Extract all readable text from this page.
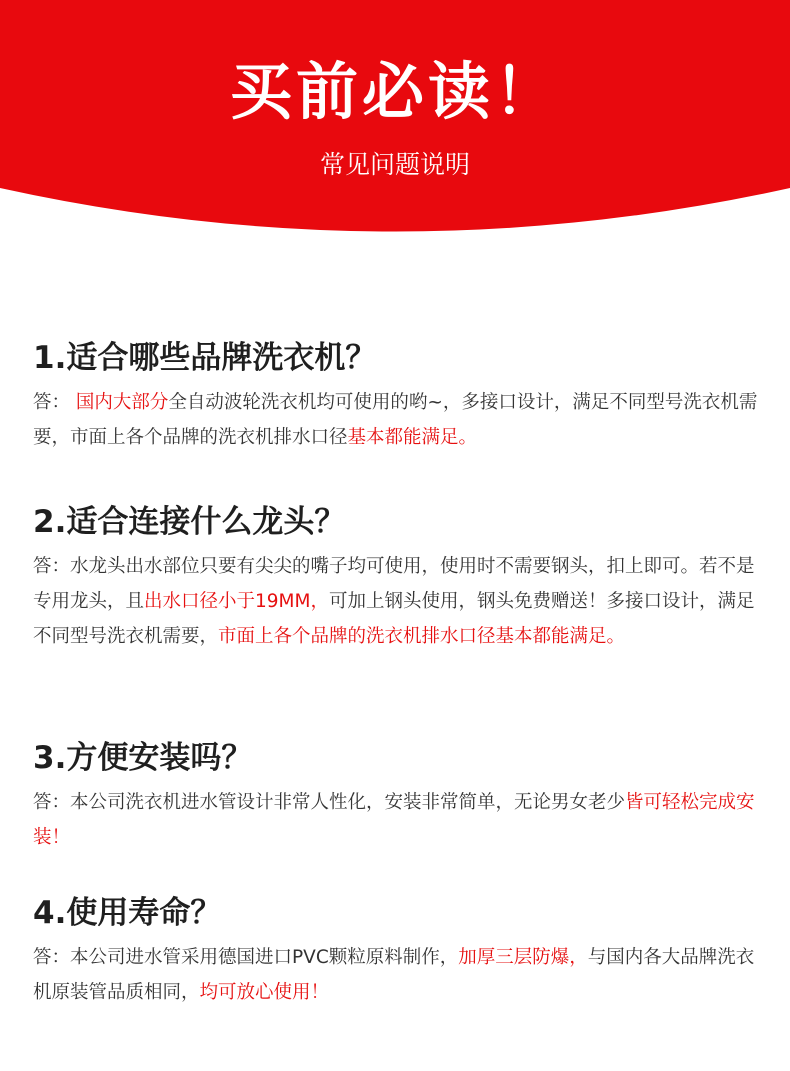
买前必读！
常见问题说明
1.适合哪些品牌洗衣机？
答： 国内大部分全自动波轮洗衣机均可使用的哟~，多接口设计，满足不同型号洗衣机需要，市面上各个品牌的洗衣机排水口径基本都能满足。
2.适合连接什么龙头？
答：水龙头出水部位只要有尖尖的嘴子均可使用，使用时不需要钢头，扣上即可。若不是专用龙头，且出水口径小于19MM，可加上钢头使用，钢头免费赠送！多接口设计，满足不同型号洗衣机需要，市面上各个品牌的洗衣机排水口径基本都能满足。
3.方便安装吗？
答：本公司洗衣机进水管设计非常人性化，安装非常简单，无论男女老少皆可轻松完成安装！
4.使用寿命？
答：本公司进水管采用德国进口PVC颗粒原料制作，加厚三层防爆，与国内各大品牌洗衣机原装管品质相同，均可放心使用！
